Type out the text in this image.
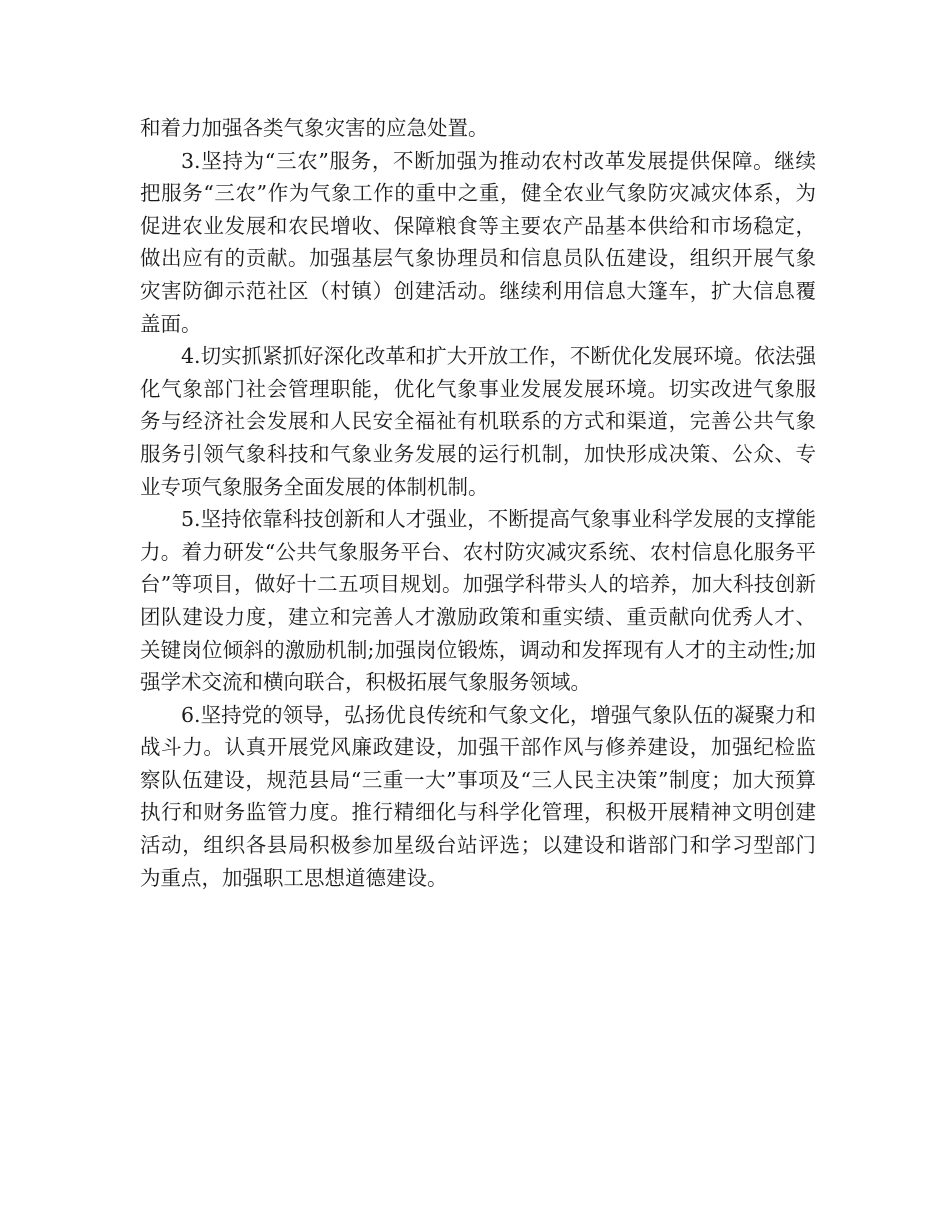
和着力加强各类气象灾害的应急处置。

3.坚持为“三农”服务，不断加强为推动农村改革发展提供保障。继续把服务“三农”作为气象工作的重中之重，健全农业气象防灾减灾体系，为促进农业发展和农民增收、保障粮食等主要农产品基本供给和市场稳定，做出应有的贡献。加强基层气象协理员和信息员队伍建设，组织开展气象灾害防御示范社区（村镇）创建活动。继续利用信息大篷车，扩大信息覆盖面。

4.切实抓紧抓好深化改革和扩大开放工作，不断优化发展环境。依法强化气象部门社会管理职能，优化气象事业发展发展环境。切实改进气象服务与经济社会发展和人民安全福祉有机联系的方式和渠道，完善公共气象服务引领气象科技和气象业务发展的运行机制，加快形成决策、公众、专业专项气象服务全面发展的体制机制。

5.坚持依靠科技创新和人才强业，不断提高气象事业科学发展的支撑能力。着力研发“公共气象服务平台、农村防灾减灾系统、农村信息化服务平台”等项目，做好十二五项目规划。加强学科带头人的培养，加大科技创新团队建设力度，建立和完善人才激励政策和重实绩、重贡献向优秀人才、关键岗位倾斜的激励机制;加强岗位锻炼，调动和发挥现有人才的主动性;加强学术交流和横向联合，积极拓展气象服务领域。

6.坚持党的领导，弘扬优良传统和气象文化，增强气象队伍的凝聚力和战斗力。认真开展党风廉政建设，加强干部作风与修养建设，加强纪检监察队伍建设，规范县局“三重一大”事项及“三人民主决策”制度；加大预算执行和财务监管力度。推行精细化与科学化管理，积极开展精神文明创建活动，组织各县局积极参加星级台站评选；以建设和谐部门和学习型部门为重点，加强职工思想道德建设。
